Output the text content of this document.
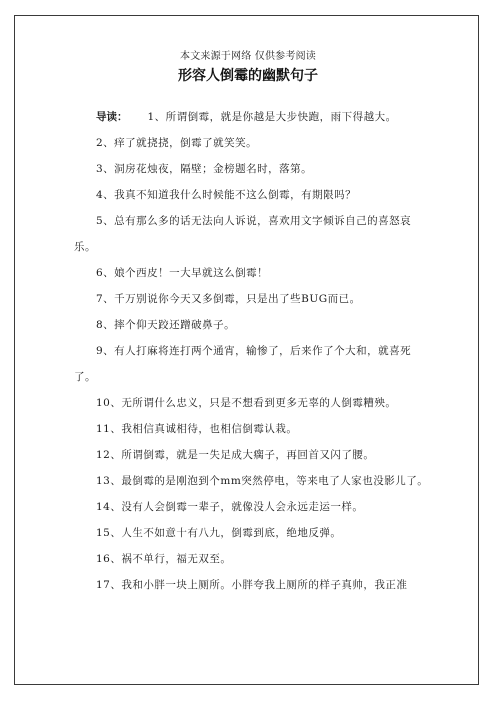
本文来源于网络 仅供参考阅读
形容人倒霉的幽默句子

导读： 1、所谓倒霉，就是你越是大步快跑，雨下得越大。

2、痒了就挠挠，倒霉了就笑笑。

3、洞房花烛夜，隔壁；金榜题名时，落第。

4、我真不知道我什么时候能不这么倒霉，有期限吗？

5、总有那么多的话无法向人诉说，喜欢用文字倾诉自己的喜怒哀乐。

6、娘个西皮！一大早就这么倒霉！

7、千万别说你今天又多倒霉，只是出了些BUG而已。

8、摔个仰天跤还蹭破鼻子。

9、有人打麻将连打两个通宵，输惨了，后来作了个大和，就喜死了。

10、无所谓什么忠义，只是不想看到更多无辜的人倒霉糟殃。

11、我相信真诚相待，也相信倒霉认栽。

12、所谓倒霉，就是一失足成大瘸子，再回首又闪了腰。

13、最倒霉的是刚泡到个mm突然停电，等来电了人家也没影儿了。

14、没有人会倒霉一辈子，就像没人会永远走运一样。

15、人生不如意十有八九，倒霉到底，绝地反弹。

16、祸不单行，福无双至。

17、我和小胖一块上厕所。小胖夸我上厕所的样子真帅，我正准
